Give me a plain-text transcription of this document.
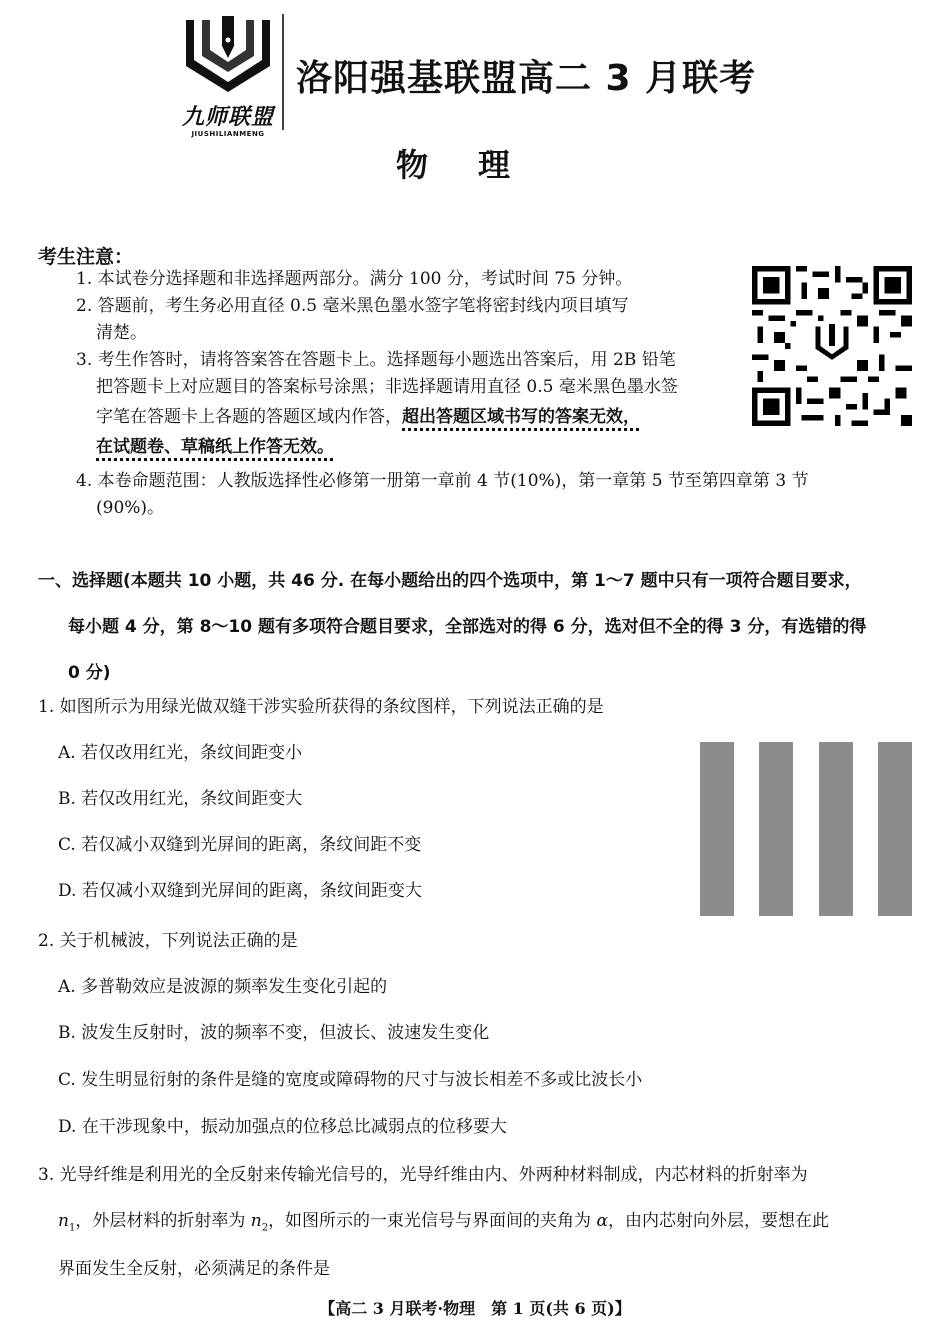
九师联盟
JIUSHILIANMENG
洛阳强基联盟高二 3 月联考
物理
考生注意：
1. 本试卷分选择题和非选择题两部分。满分 100 分，考试时间 75 分钟。
2. 答题前，考生务必用直径 0.5 毫米黑色墨水签字笔将密封线内项目填写
清楚。
3. 考生作答时，请将答案答在答题卡上。选择题每小题选出答案后，用 2B 铅笔
把答题卡上对应题目的答案标号涂黑；非选择题请用直径 0.5 毫米黑色墨水签
字笔在答题卡上各题的答题区域内作答，超出答题区域书写的答案无效，
在试题卷、草稿纸上作答无效。
4. 本卷命题范围：人教版选择性必修第一册第一章前 4 节(10%)，第一章第 5 节至第四章第 3 节
(90%)。
一、选择题(本题共 10 小题，共 46 分. 在每小题给出的四个选项中，第 1～7 题中只有一项符合题目要求，
每小题 4 分，第 8～10 题有多项符合题目要求，全部选对的得 6 分，选对但不全的得 3 分，有选错的得
0 分)
1. 如图所示为用绿光做双缝干涉实验所获得的条纹图样，下列说法正确的是
A. 若仅改用红光，条纹间距变小
B. 若仅改用红光，条纹间距变大
C. 若仅减小双缝到光屏间的距离，条纹间距不变
D. 若仅减小双缝到光屏间的距离，条纹间距变大
2. 关于机械波，下列说法正确的是
A. 多普勒效应是波源的频率发生变化引起的
B. 波发生反射时，波的频率不变，但波长、波速发生变化
C. 发生明显衍射的条件是缝的宽度或障碍物的尺寸与波长相差不多或比波长小
D. 在干涉现象中，振动加强点的位移总比减弱点的位移要大
3. 光导纤维是利用光的全反射来传输光信号的，光导纤维由内、外两种材料制成，内芯材料的折射率为
$n_1$，外层材料的折射率为 $n_2$，如图所示的一束光信号与界面间的夹角为 α，由内芯射向外层，要想在此
界面发生全反射，必须满足的条件是
【高二 3 月联考·物理　第 1 页(共 6 页)】
